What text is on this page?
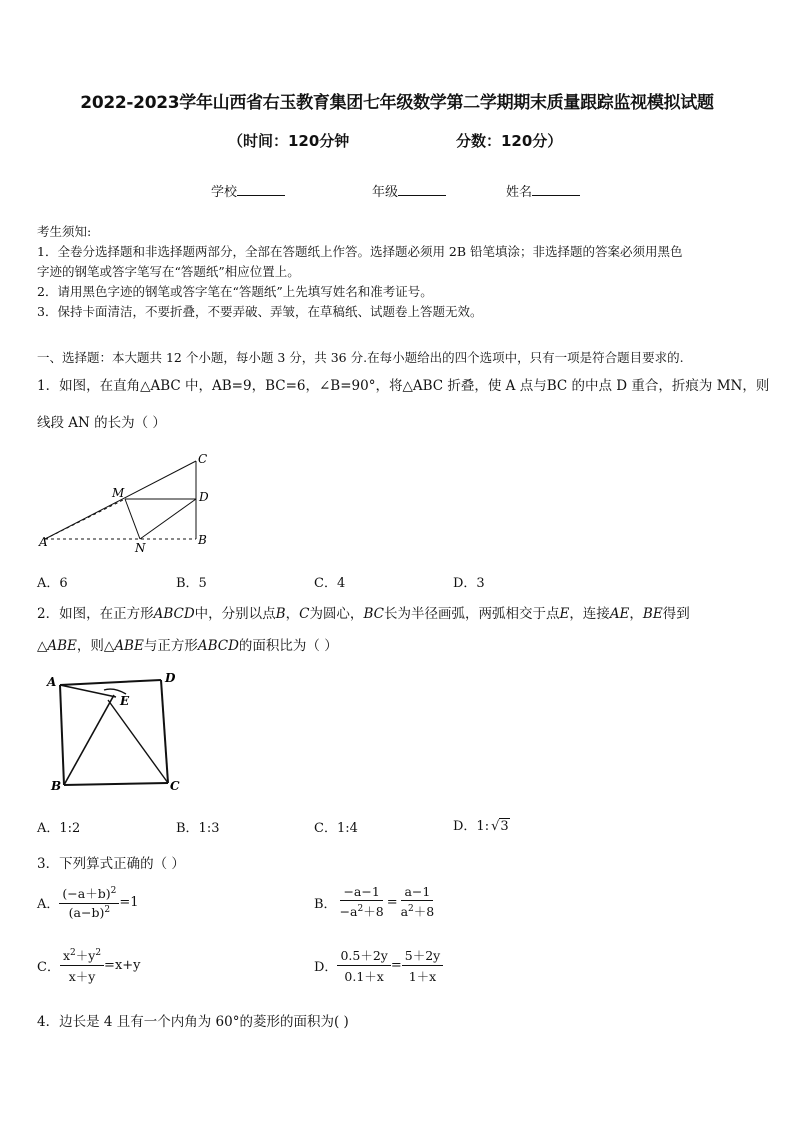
2022-2023学年山西省右玉教育集团七年级数学第二学期期末质量跟踪监视模拟试题
（时间：120分钟	分数：120分）
学校	年级	姓名
考生须知:
1．全卷分选择题和非选择题两部分，全部在答题纸上作答。选择题必须用 2B 铅笔填涂；非选择题的答案必须用黑色
字迹的钢笔或答字笔写在“答题纸”相应位置上。
2．请用黑色字迹的钢笔或答字笔在“答题纸”上先填写姓名和准考证号。
3．保持卡面清洁，不要折叠，不要弄破、弄皱，在草稿纸、试题卷上答题无效。
一、选择题：本大题共 12 个小题，每小题 3 分，共 36 分.在每小题给出的四个选项中，只有一项是符合题目要求的.
1．如图，在直角△ABC 中，AB=9，BC=6，∠B=90°，将△ABC 折叠，使 A 点与BC 的中点 D 重合，折痕为 MN，则
线段 AN 的长为（ ）
C
M	D
A	N
B
A．6	B．5	C．4	D．3
2．如图，在正方形ABCD中，分别以点B，C为圆心，BC长为半径画弧，两弧相交于点E，连接AE，BE得到
△ABE，则△ABE与正方形ABCD的面积比为（ ）
A	D
E
B	C
A．1:2	B．1:3	C．1:4	D．1: √3
3．下列算式正确的（ ）
A． $\frac{(-a+b)^2}{(a-b)^2} =1$	B． $\frac{-a-1}{-a^2+8} = \frac{a-1}{a^2+8}$
C． $\frac{x^2+y^2}{x+y} =x+y$	D． $\frac{0.5+2y}{0.1+x} = \frac{5+2y}{1+x}$
4．边长是 4 且有一个内角为 60°的菱形的面积为( )
